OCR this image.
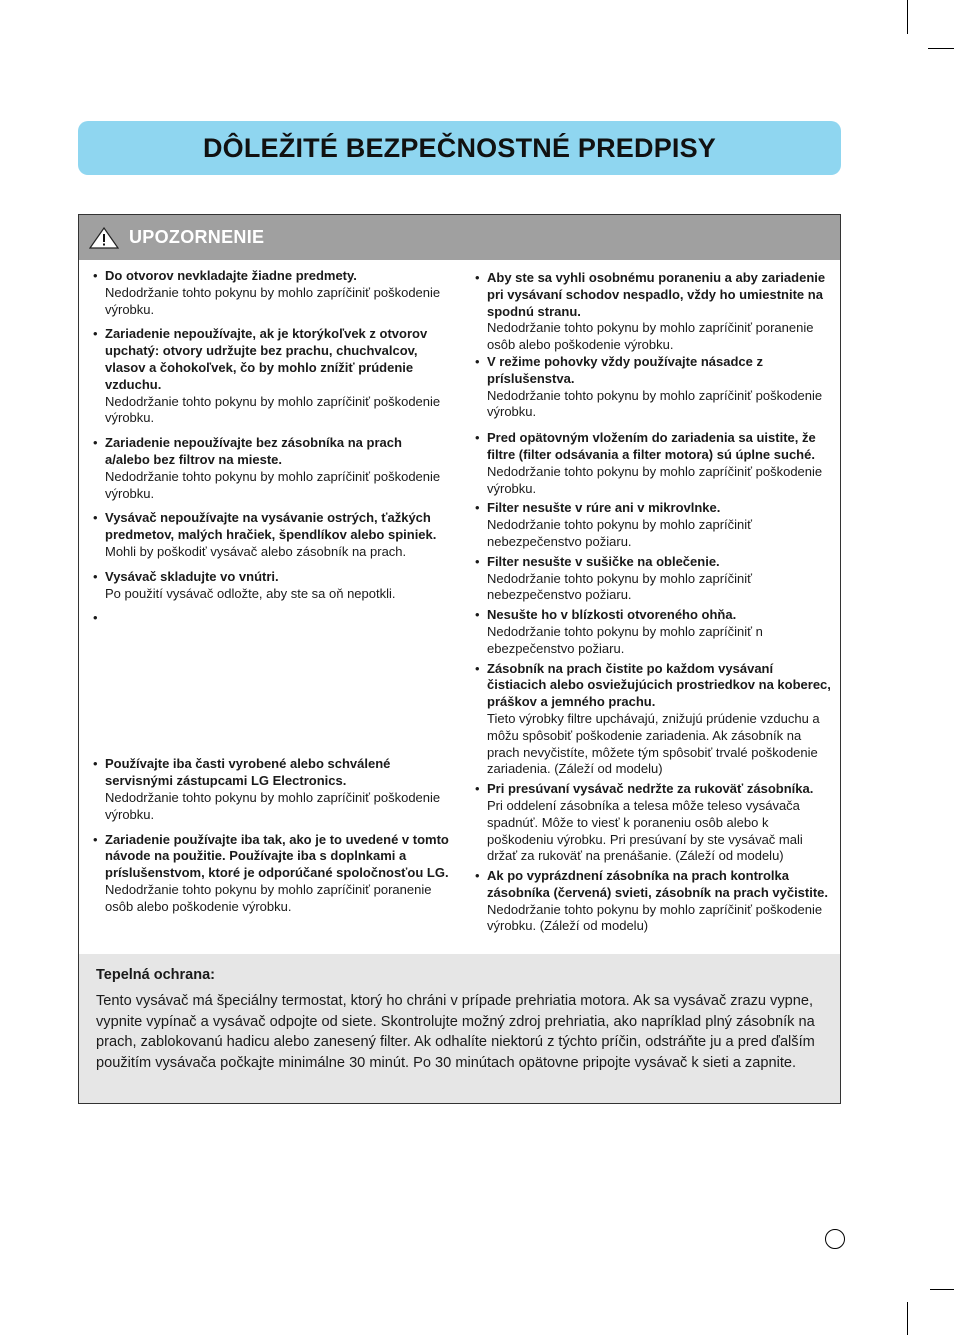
DÔLEŽITÉ BEZPEČNOSTNÉ PREDPISY
UPOZORNENIE
• Do otvorov nevkladajte žiadne predmety.
Nedodržanie tohto pokynu by mohlo zapríčiniť poškodenie výrobku.
• Zariadenie nepoužívajte, ak je ktorýkoľvek z otvorov upchatý: otvory udržujte bez prachu, chuchvalcov, vlasov a čohokoľvek, čo by mohlo znížiť prúdenie vzduchu.
Nedodržanie tohto pokynu by mohlo zapríčiniť poškodenie výrobku.
• Zariadenie nepoužívajte bez zásobníka na prach a/alebo bez filtrov na mieste.
Nedodržanie tohto pokynu by mohlo zapríčiniť poškodenie výrobku.
• Vysávač nepoužívajte na vysávanie ostrých, ťažkých predmetov, malých hračiek, špendlíkov alebo spiniek.
Mohli by poškodiť vysávač alebo zásobník na prach.
• Vysávač skladujte vo vnútri.
Po použití vysávač odložte, aby ste sa oň nepotkli.
•
• Používajte iba časti vyrobené alebo schválené servisnými zástupcami LG Electronics.
Nedodržanie tohto pokynu by mohlo zapríčiniť poškodenie výrobku.
• Zariadenie používajte iba tak, ako je to uvedené v tomto návode na použitie. Používajte iba s doplnkami a príslušenstvom, ktoré je odporúčané spoločnosťou LG.
Nedodržanie tohto pokynu by mohlo zapríčiniť poranenie osôb alebo poškodenie výrobku.
• Aby ste sa vyhli osobnému poraneniu a aby zariadenie pri vysávaní schodov nespadlo, vždy ho umiestnite na spodnú stranu.
Nedodržanie tohto pokynu by mohlo zapríčiniť poranenie osôb alebo poškodenie výrobku.
• V režime pohovky vždy používajte násadce z príslušenstva.
Nedodržanie tohto pokynu by mohlo zapríčiniť poškodenie výrobku.
• Pred opätovným vložením do zariadenia sa uistite, že filtre (filter odsávania a filter motora) sú úplne suché.
Nedodržanie tohto pokynu by mohlo zapríčiniť poškodenie výrobku.
• Filter nesušte v rúre ani v mikrovlnke.
Nedodržanie tohto pokynu by mohlo zapríčiniť nebezpečenstvo požiaru.
• Filter nesušte v sušičke na oblečenie.
Nedodržanie tohto pokynu by mohlo zapríčiniť nebezpečenstvo požiaru.
• Nesušte ho v blízkosti otvoreného ohňa.
Nedodržanie tohto pokynu by mohlo zapríčiniť n ebezpečenstvo požiaru.
• Zásobník na prach čistite po každom vysávaní čistiacich alebo osviežujúcich prostriedkov na koberec, práškov a jemného prachu.
Tieto výrobky filtre upchávajú, znižujú prúdenie vzduchu a môžu spôsobiť poškodenie zariadenia. Ak zásobník na prach nevyčistíte, môžete tým spôsobiť trvalé poškodenie zariadenia. (Záleží od modelu)
• Pri presúvaní vysávač nedržte za rukoväť zásobníka.
Pri oddelení zásobníka a telesa môže teleso vysávača spadnúť. Môže to viesť k poraneniu osôb alebo k poškodeniu výrobku. Pri presúvaní by ste vysávač mali držať za rukoväť na prenášanie. (Záleží od modelu)
• Ak po vyprázdnení zásobníka na prach kontrolka zásobníka (červená) svieti, zásobník na prach vyčistite.
Nedodržanie tohto pokynu by mohlo zapríčiniť poškodenie výrobku. (Záleží od modelu)
Tepelná ochrana:

Tento vysávač má špeciálny termostat, ktorý ho chráni v prípade prehriatia motora. Ak sa vysávač zrazu vypne, vypnite vypínač a vysávač odpojte od siete. Skontrolujte možný zdroj prehriatia, ako napríklad plný zásobník na prach, zablokovanú hadicu alebo zanesený filter. Ak odhalíte niektorú z týchto príčin, odstráňte ju a pred ďalším použitím vysávača počkajte minimálne 30 minút. Po 30 minútach opätovne pripojte vysávač k sieti a zapnite.
